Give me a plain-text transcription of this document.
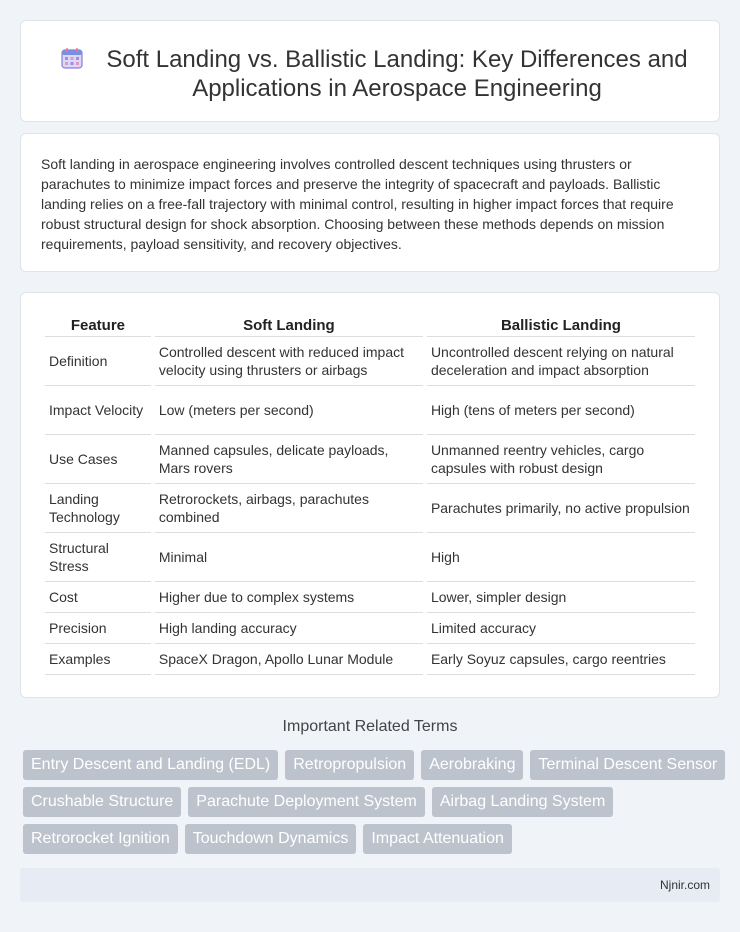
Soft Landing vs. Ballistic Landing: Key Differences and Applications in Aerospace Engineering

Soft landing in aerospace engineering involves controlled descent techniques using thrusters or parachutes to minimize impact forces and preserve the integrity of spacecraft and payloads. Ballistic landing relies on a free-fall trajectory with minimal control, resulting in higher impact forces that require robust structural design for shock absorption. Choosing between these methods depends on mission requirements, payload sensitivity, and recovery objectives.

Feature	Soft Landing	Ballistic Landing
Definition	Controlled descent with reduced impact velocity using thrusters or airbags	Uncontrolled descent relying on natural deceleration and impact absorption
Impact Velocity	Low (meters per second)	High (tens of meters per second)
Use Cases	Manned capsules, delicate payloads, Mars rovers	Unmanned reentry vehicles, cargo capsules with robust design
Landing Technology	Retrorockets, airbags, parachutes combined	Parachutes primarily, no active propulsion
Structural Stress	Minimal	High
Cost	Higher due to complex systems	Lower, simpler design
Precision	High landing accuracy	Limited accuracy
Examples	SpaceX Dragon, Apollo Lunar Module	Early Soyuz capsules, cargo reentries
Important Related Terms
Entry Descent and Landing (EDL)	Retropropulsion	Aerobraking	Terminal Descent Sensor
Crushable Structure	Parachute Deployment System	Airbag Landing System
Retrorocket Ignition	Touchdown Dynamics	Impact Attenuation
Njnir.com
